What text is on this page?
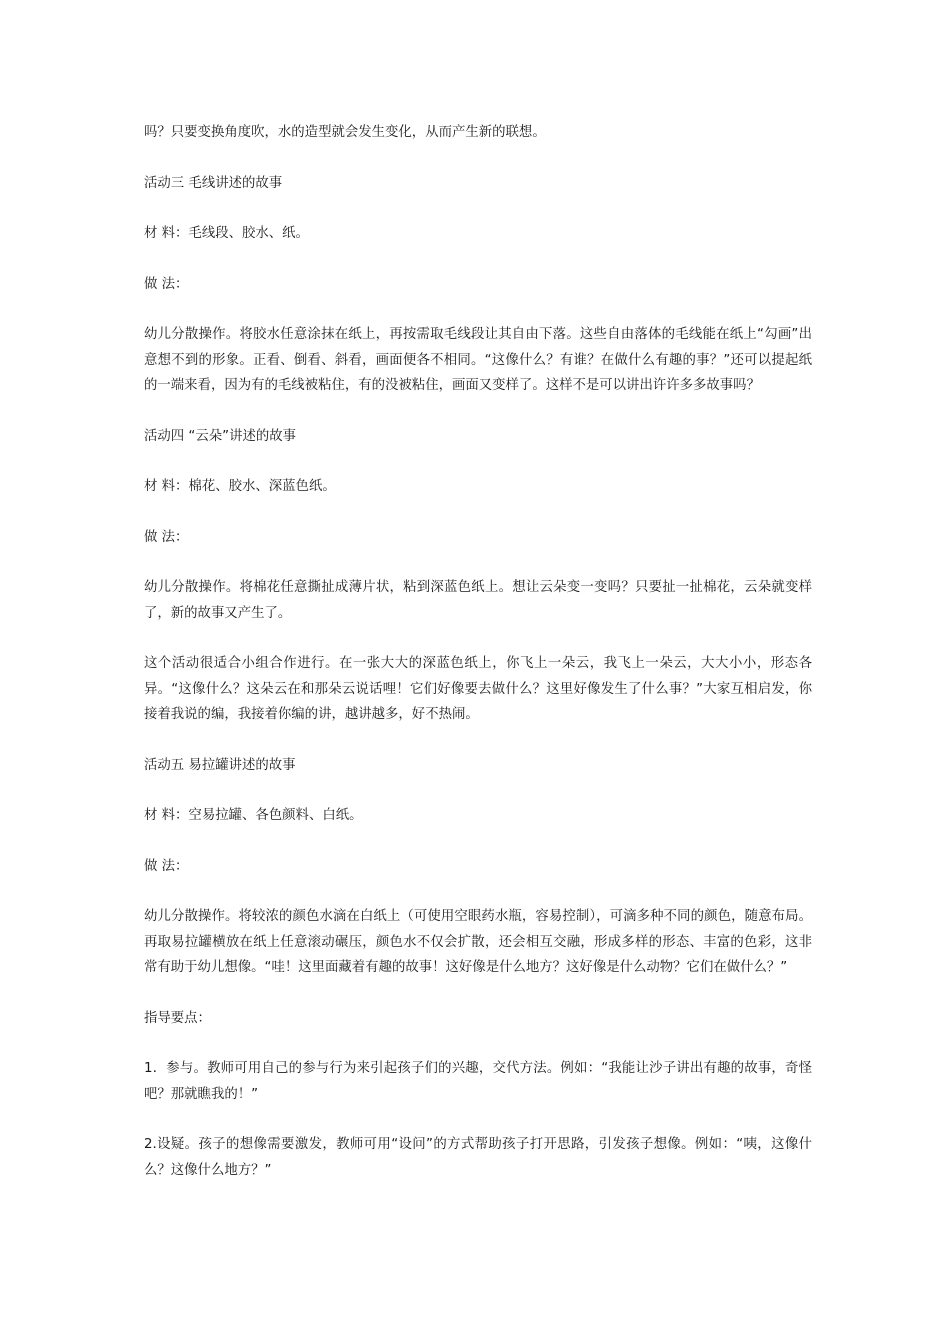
吗？只要变换角度吹，水的造型就会发生变化，从而产生新的联想。

活动三 毛线讲述的故事

材 料：毛线段、胶水、纸。

做 法：

幼儿分散操作。将胶水任意涂抹在纸上，再按需取毛线段让其自由下落。这些自由落体的毛线能在纸上“勾画”出意想不到的形象。正看、倒看、斜看，画面便各不相同。“这像什么？有谁？在做什么有趣的事？”还可以提起纸的一端来看，因为有的毛线被粘住，有的没被粘住，画面又变样了。这样不是可以讲出许许多多故事吗？

活动四 “云朵”讲述的故事

材 料：棉花、胶水、深蓝色纸。

做 法：

幼儿分散操作。将棉花任意撕扯成薄片状，粘到深蓝色纸上。想让云朵变一变吗？只要扯一扯棉花，云朵就变样了，新的故事又产生了。

这个活动很适合小组合作进行。在一张大大的深蓝色纸上，你飞上一朵云，我飞上一朵云，大大小小，形态各异。“这像什么？这朵云在和那朵云说话哩！它们好像要去做什么？这里好像发生了什么事？”大家互相启发，你接着我说的编，我接着你编的讲，越讲越多，好不热闹。

活动五 易拉罐讲述的故事

材 料：空易拉罐、各色颜料、白纸。

做 法：

幼儿分散操作。将较浓的颜色水滴在白纸上（可使用空眼药水瓶，容易控制），可滴多种不同的颜色，随意布局。再取易拉罐横放在纸上任意滚动碾压，颜色水不仅会扩散，还会相互交融，形成多样的形态、丰富的色彩，这非常有助于幼儿想像。“哇！这里面藏着有趣的故事！这好像是什么地方？这好像是什么动物？它们在做什么？”

指导要点：

1．参与。教师可用自己的参与行为来引起孩子们的兴趣，交代方法。例如：“我能让沙子讲出有趣的故事，奇怪吧？那就瞧我的！”

2.设疑。孩子的想像需要激发，教师可用“设问”的方式帮助孩子打开思路，引发孩子想像。例如：“咦，这像什么？这像什么地方？”
